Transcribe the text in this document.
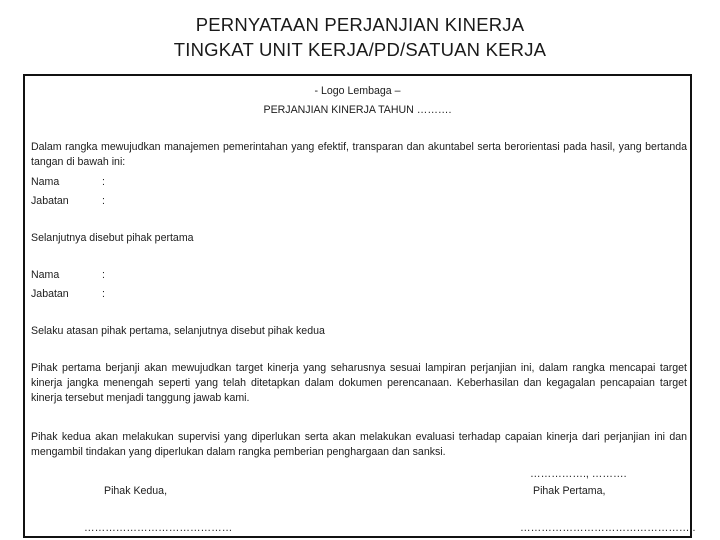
PERNYATAAN PERJANJIAN KINERJA
TINGKAT UNIT KERJA/PD/SATUAN KERJA
- Logo Lembaga –
PERJANJIAN KINERJA TAHUN ……….
Dalam rangka mewujudkan manajemen pemerintahan yang efektif, transparan dan akuntabel serta berorientasi pada hasil, yang bertanda tangan di bawah ini:
Nama	:
Jabatan	:
Selanjutnya disebut pihak pertama
Nama	:
Jabatan	:
Selaku atasan pihak pertama, selanjutnya disebut pihak kedua
Pihak pertama berjanji akan mewujudkan target kinerja yang seharusnya sesuai lampiran perjanjian ini, dalam rangka mencapai target kinerja jangka menengah seperti yang telah ditetapkan dalam dokumen perencanaan. Keberhasilan dan kegagalan pencapaian target kinerja tersebut menjadi tanggung jawab kami.
Pihak kedua akan melakukan supervisi yang diperlukan serta akan melakukan evaluasi terhadap capaian kinerja dari perjanjian ini dan mengambil tindakan yang diperlukan dalam rangka pemberian penghargaan dan sanksi.
……………., ……….
Pihak Kedua,	Pihak Pertama,
……………………………………	…………………………………………..
